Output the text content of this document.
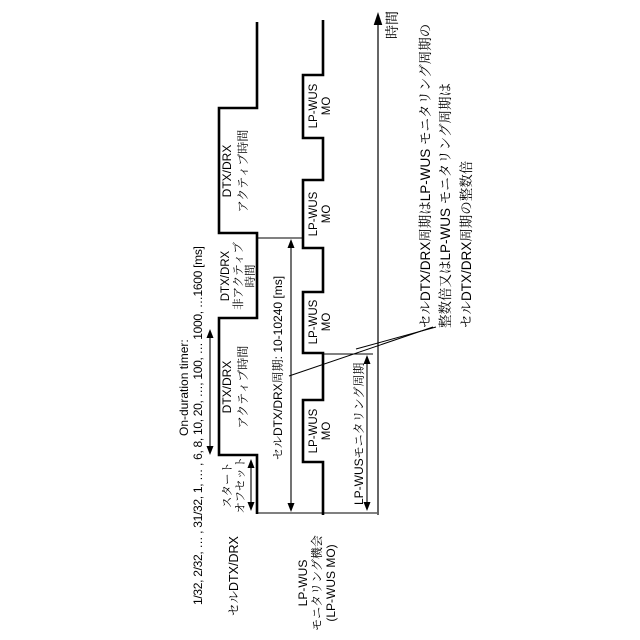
時間
セルDTX/DRX
On-duration timer: 1/32, 2/32, … , 31/32, 1, … , 6, 8, 10, 20, …, 100, … 1000, …1600 [ms] スタート オフセット
DTX/DRX アクティブ時間
DTX/DRX 非アクティブ 時間
DTX/DRX アクティブ時間
セルDTX/DRX周期: 10-10240 [ms]
LP-WUS モニタリング機会 (LP-WUS MO)
LP-WUS MO
LP-WUS MO
LP-WUS MO
LP-WUS MO
LP-WUSモニタリング周期
セルDTX/DRX周期はLP-WUS モニタリング周期の 整数倍又はLP-WUS モニタリング周期は セルDTX/DRX周期の整数倍
